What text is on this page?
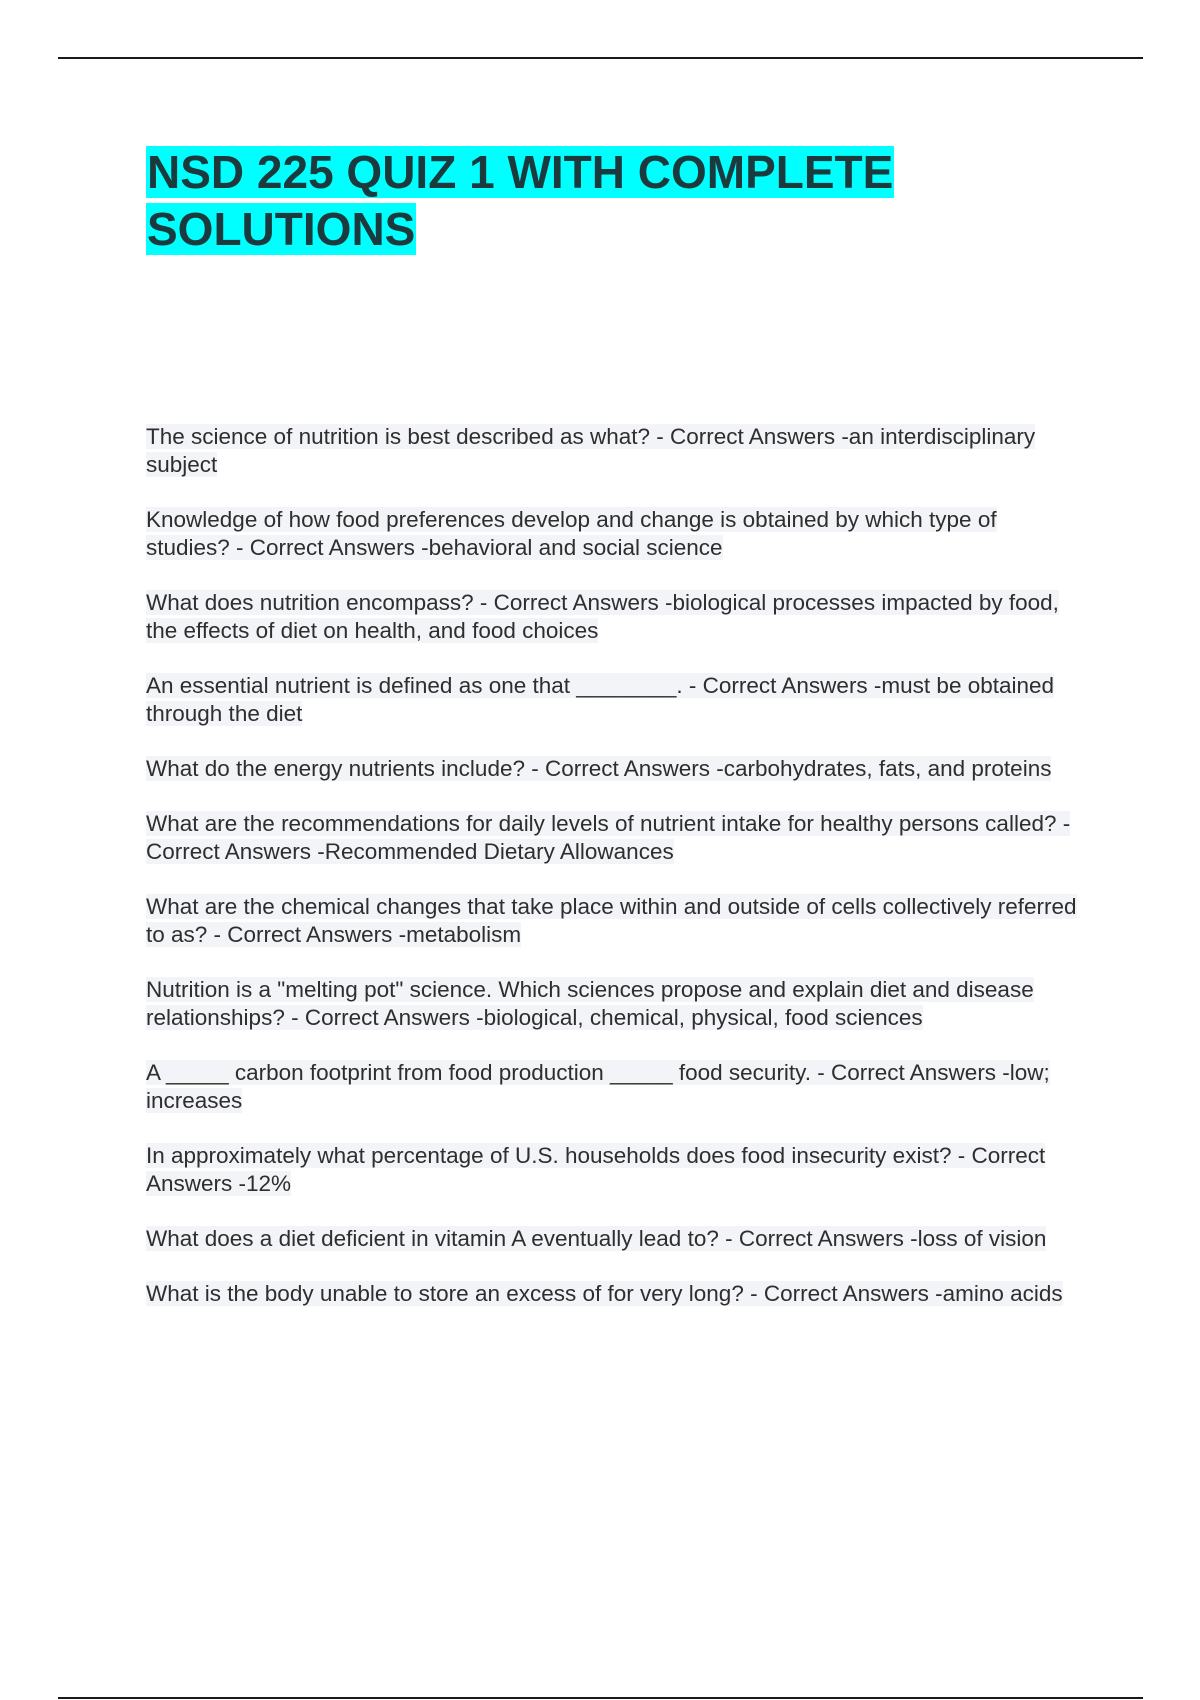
NSD 225 QUIZ 1 WITH COMPLETE SOLUTIONS
The science of nutrition is best described as what? - Correct Answers -an interdisciplinary subject
Knowledge of how food preferences develop and change is obtained by which type of studies? - Correct Answers -behavioral and social science
What does nutrition encompass? - Correct Answers -biological processes impacted by food, the effects of diet on health, and food choices
An essential nutrient is defined as one that ________. - Correct Answers -must be obtained through the diet
What do the energy nutrients include? - Correct Answers -carbohydrates, fats, and proteins
What are the recommendations for daily levels of nutrient intake for healthy persons called? - Correct Answers -Recommended Dietary Allowances
What are the chemical changes that take place within and outside of cells collectively referred to as? - Correct Answers -metabolism
Nutrition is a "melting pot" science. Which sciences propose and explain diet and disease relationships? - Correct Answers -biological, chemical, physical, food sciences
A _____ carbon footprint from food production _____ food security. - Correct Answers -low; increases
In approximately what percentage of U.S. households does food insecurity exist? - Correct Answers -12%
What does a diet deficient in vitamin A eventually lead to? - Correct Answers -loss of vision
What is the body unable to store an excess of for very long? - Correct Answers -amino acids
